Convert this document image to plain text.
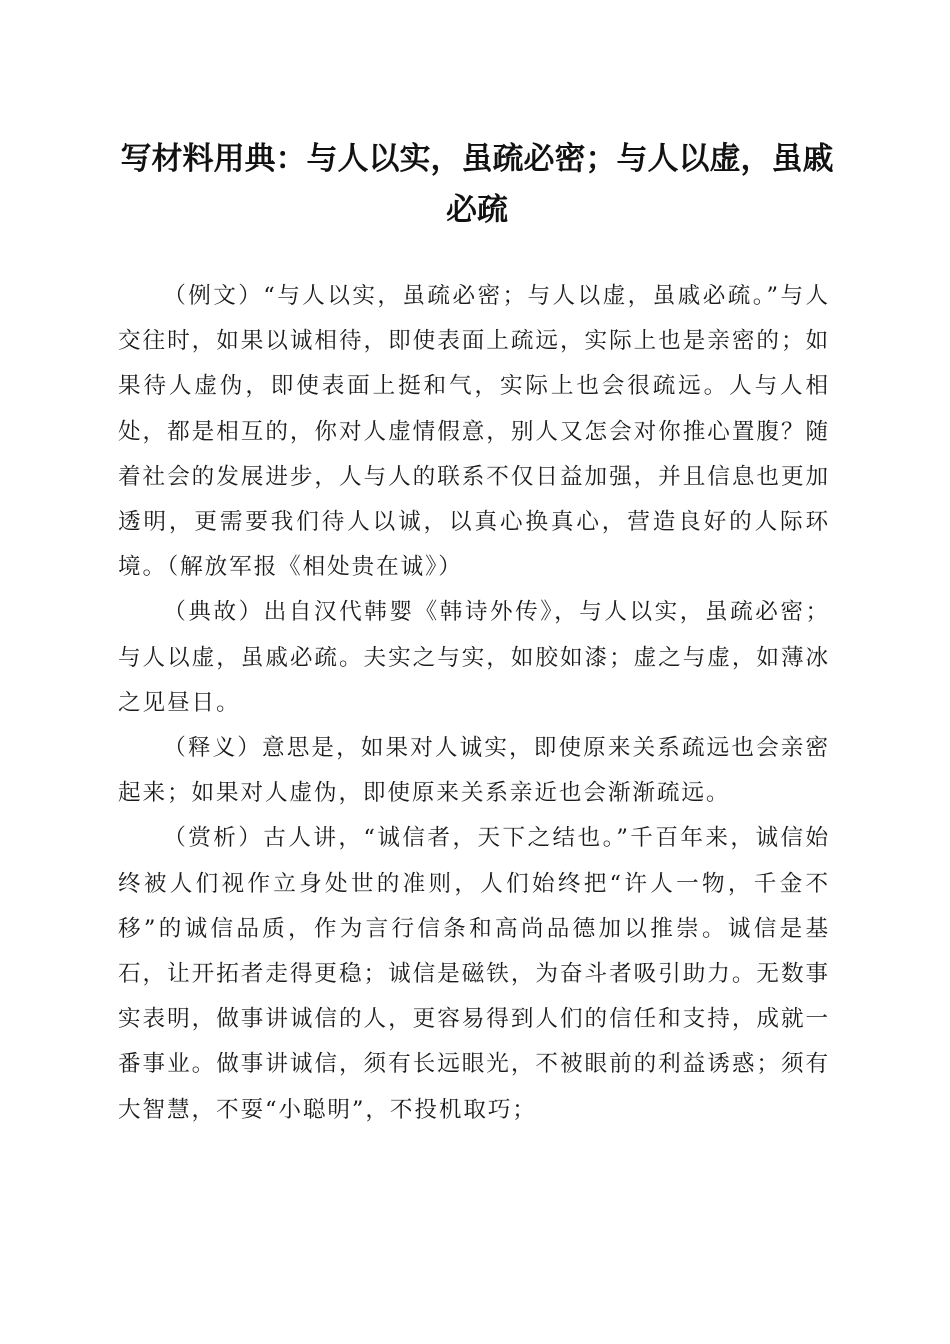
写材料用典：与人以实，虽疏必密；与人以虚，虽戚必疏

（例文）“与人以实，虽疏必密；与人以虚，虽戚必疏。”与人交往时，如果以诚相待，即使表面上疏远，实际上也是亲密的；如果待人虚伪，即使表面上挺和气，实际上也会很疏远。人与人相处，都是相互的，你对人虚情假意，别人又怎会对你推心置腹？随着社会的发展进步，人与人的联系不仅日益加强，并且信息也更加透明，更需要我们待人以诚，以真心换真心，营造良好的人际环境。（解放军报《相处贵在诚》）

（典故）出自汉代韩婴《韩诗外传》，与人以实，虽疏必密；与人以虚，虽戚必疏。夫实之与实，如胶如漆；虚之与虚，如薄冰之见昼日。

（释义）意思是，如果对人诚实，即使原来关系疏远也会亲密起来；如果对人虚伪，即使原来关系亲近也会渐渐疏远。

（赏析）古人讲，“诚信者，天下之结也。”千百年来，诚信始终被人们视作立身处世的准则，人们始终把“许人一物，千金不移”的诚信品质，作为言行信条和高尚品德加以推崇。诚信是基石，让开拓者走得更稳；诚信是磁铁，为奋斗者吸引助力。无数事实表明，做事讲诚信的人，更容易得到人们的信任和支持，成就一番事业。做事讲诚信，须有长远眼光，不被眼前的利益诱惑；须有大智慧，不耍“小聪明”，不投机取巧；
